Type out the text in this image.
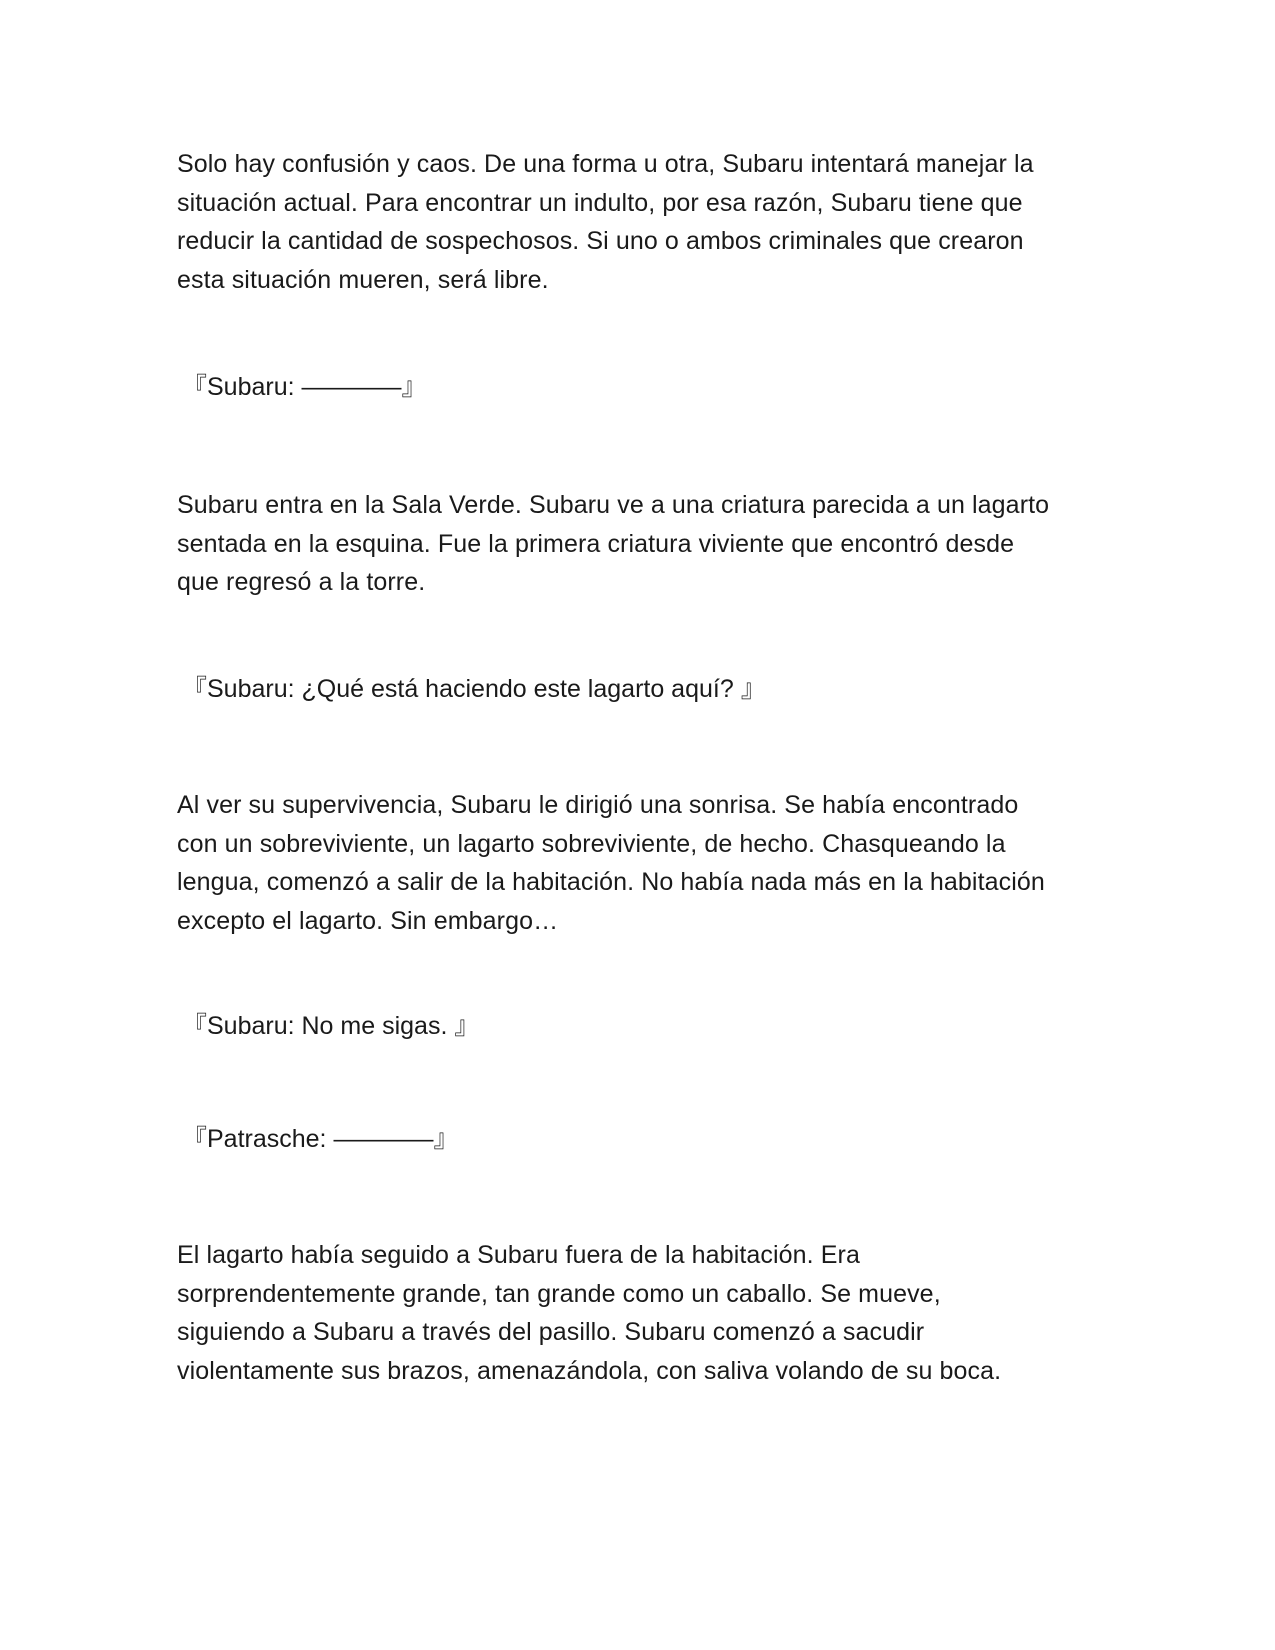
Solo hay confusión y caos. De una forma u otra, Subaru intentará manejar la
situación actual. Para encontrar un indulto, por esa razón, Subaru tiene que
reducir la cantidad de sospechosos. Si uno o ambos criminales que crearon
esta situación mueren, será libre.

『Subaru: ————』

Subaru entra en la Sala Verde. Subaru ve a una criatura parecida a un lagarto
sentada en la esquina. Fue la primera criatura viviente que encontró desde
que regresó a la torre.

『Subaru: ¿Qué está haciendo este lagarto aquí? 』

Al ver su supervivencia, Subaru le dirigió una sonrisa. Se había encontrado
con un sobreviviente, un lagarto sobreviviente, de hecho. Chasqueando la
lengua, comenzó a salir de la habitación. No había nada más en la habitación
excepto el lagarto. Sin embargo…

『Subaru: No me sigas. 』

『Patrasche: ————』

El lagarto había seguido a Subaru fuera de la habitación. Era
sorprendentemente grande, tan grande como un caballo. Se mueve,
siguiendo a Subaru a través del pasillo. Subaru comenzó a sacudir
violentamente sus brazos, amenazándola, con saliva volando de su boca.
